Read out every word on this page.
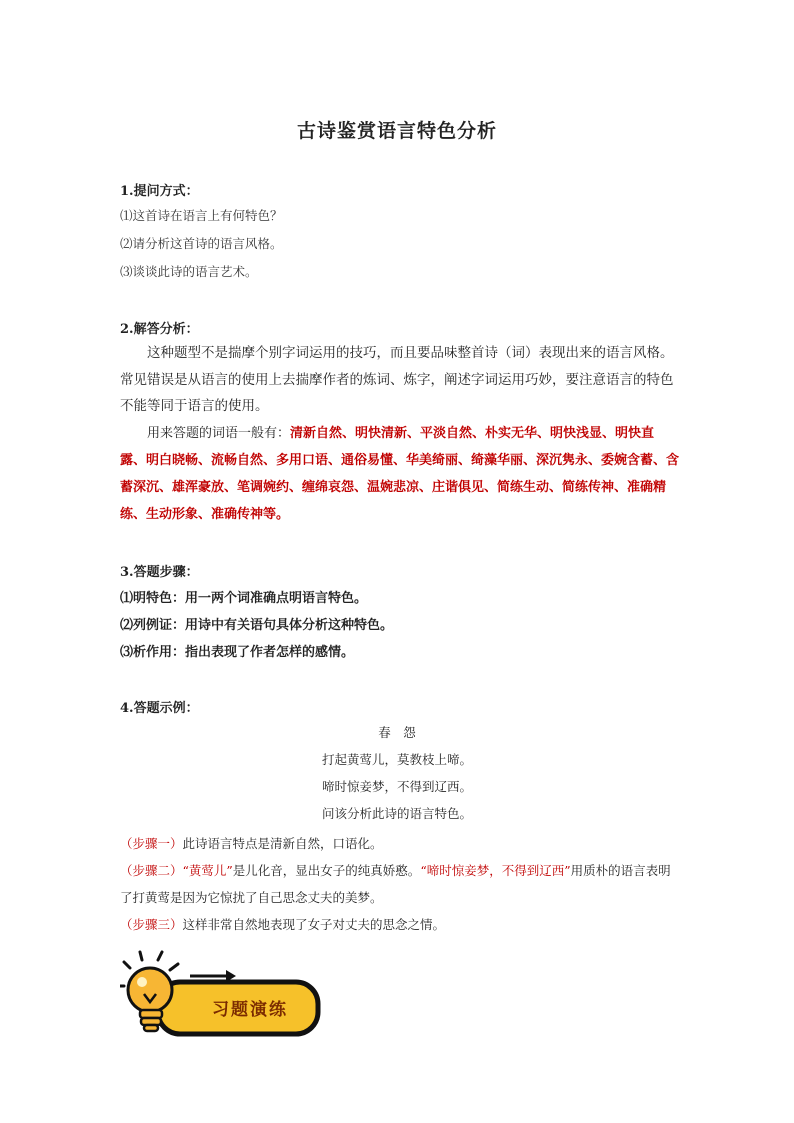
古诗鉴赏语言特色分析
1.提问方式：
⑴这首诗在语言上有何特色？
⑵请分析这首诗的语言风格。
⑶谈谈此诗的语言艺术。
2.解答分析：
这种题型不是揣摩个别字词运用的技巧，而且要品味整首诗（词）表现出来的语言风格。常见错误是从语言的使用上去揣摩作者的炼词、炼字，阐述字词运用巧妙，要注意语言的特色不能等同于语言的使用。
用来答题的词语一般有：清新自然、明快清新、平淡自然、朴实无华、明快浅显、明快直露、明白晓畅、流畅自然、多用口语、通俗易懂、华美绮丽、绮藻华丽、深沉隽永、委婉含蓄、含蓄深沉、雄浑豪放、笔调婉约、缠绵哀怨、温婉悲凉、庄谐俱见、简练生动、简练传神、准确精练、生动形象、准确传神等。
3.答题步骤：
⑴明特色：用一两个词准确点明语言特色。
⑵列例证：用诗中有关语句具体分析这种特色。
⑶析作用：指出表现了作者怎样的感情。
4.答题示例：
春　怨
打起黄莺儿，莫教枝上啼。
啼时惊妾梦，不得到辽西。
问该分析此诗的语言特色。
（步骤一）此诗语言特点是清新自然，口语化。
（步骤二）“黄莺儿”是儿化音，显出女子的纯真娇憨。“啼时惊妾梦，不得到辽西”用质朴的语言表明了打黄莺是因为它惊扰了自己思念丈夫的美梦。
（步骤三）这样非常自然地表现了女子对丈夫的思念之情。
习题演练
